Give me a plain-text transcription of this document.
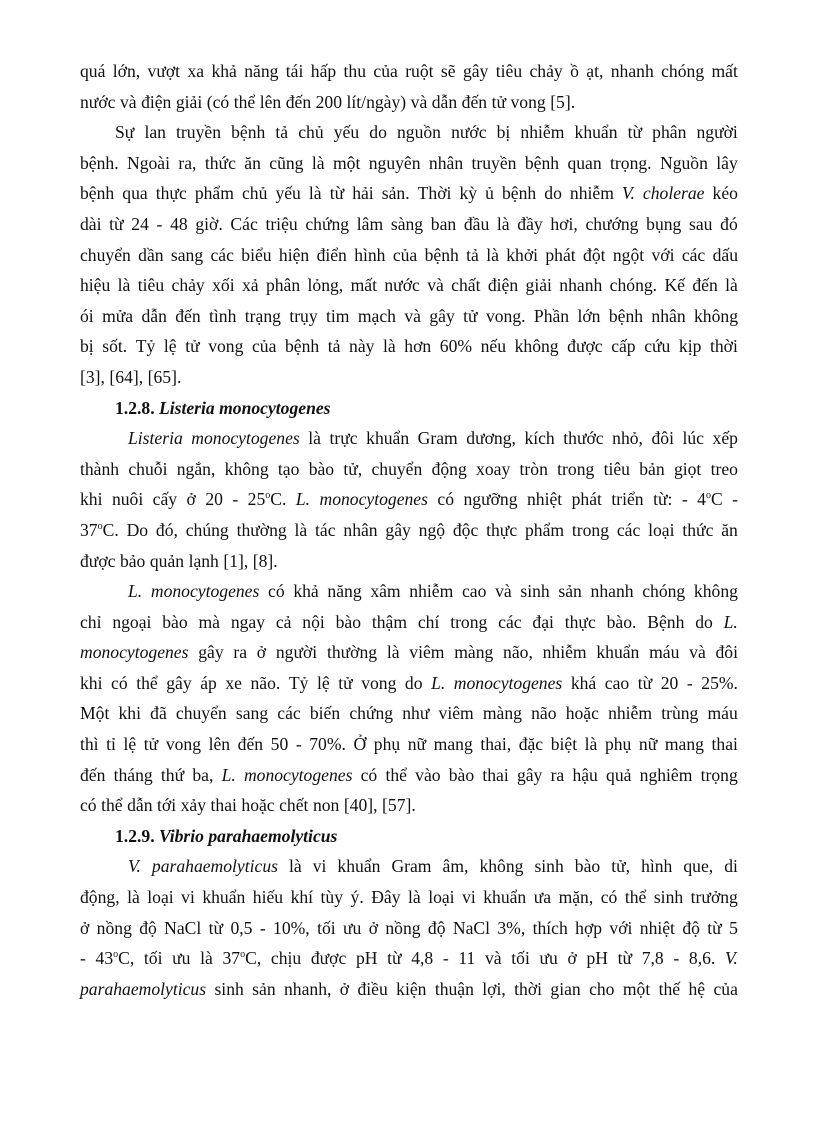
quá lớn, vượt xa khả năng tái hấp thu của ruột sẽ gây tiêu chảy ồ ạt, nhanh chóng mất
nước và điện giải (có thể lên đến 200 lít/ngày) và dẫn đến tử vong [5].
Sự lan truyền bệnh tả chủ yếu do nguồn nước bị nhiễm khuẩn từ phân người
bệnh. Ngoài ra, thức ăn cũng là một nguyên nhân truyền bệnh quan trọng. Nguồn lây
bệnh qua thực phẩm chủ yếu là từ hải sản. Thời kỳ ủ bệnh do nhiễm V. cholerae kéo
dài từ 24 - 48 giờ. Các triệu chứng lâm sàng ban đầu là đầy hơi, chướng bụng sau đó
chuyển dần sang các biểu hiện điển hình của bệnh tả là khởi phát đột ngột với các dấu
hiệu là tiêu chảy xối xả phân lỏng, mất nước và chất điện giải nhanh chóng. Kế đến là
ói mửa dẫn đến tình trạng trụy tim mạch và gây tử vong. Phần lớn bệnh nhân không
bị sốt. Tỷ lệ tử vong của bệnh tả này là hơn 60% nếu không được cấp cứu kịp thời
[3], [64], [65].
1.2.8. Listeria monocytogenes
Listeria monocytogenes là trực khuẩn Gram dương, kích thước nhỏ, đôi lúc xếp
thành chuỗi ngắn, không tạo bào tử, chuyển động xoay tròn trong tiêu bản giọt treo
khi nuôi cấy ở 20 - 25$^o$C. L. monocytogenes có ngưỡng nhiệt phát triển từ: - 4$^o$C -
37$^o$C. Do đó, chúng thường là tác nhân gây ngộ độc thực phẩm trong các loại thức ăn
được bảo quản lạnh [1], [8].
L. monocytogenes có khả năng xâm nhiễm cao và sinh sản nhanh chóng không
chỉ ngoại bào mà ngay cả nội bào thậm chí trong các đại thực bào. Bệnh do L.
monocytogenes gây ra ở người thường là viêm màng não, nhiễm khuẩn máu và đôi
khi có thể gây áp xe não. Tỷ lệ tử vong do L. monocytogenes khá cao từ 20 - 25%.
Một khi đã chuyển sang các biến chứng như viêm màng não hoặc nhiễm trùng máu
thì tỉ lệ tử vong lên đến 50 - 70%. Ở phụ nữ mang thai, đặc biệt là phụ nữ mang thai
đến tháng thứ ba, L. monocytogenes có thể vào bào thai gây ra hậu quả nghiêm trọng
có thể dẫn tới xảy thai hoặc chết non [40], [57].
1.2.9. Vibrio parahaemolyticus
V. parahaemolyticus là vi khuẩn Gram âm, không sinh bào tử, hình que, di
động, là loại vi khuẩn hiếu khí tùy ý. Đây là loại vi khuẩn ưa mặn, có thể sinh trưởng
ở nồng độ NaCl từ 0,5 - 10%, tối ưu ở nồng độ NaCl 3%, thích hợp với nhiệt độ từ 5
- 43$^o$C, tối ưu là 37$^o$C, chịu được pH từ 4,8 - 11 và tối ưu ở pH từ 7,8 - 8,6. V.
parahaemolyticus sinh sản nhanh, ở điều kiện thuận lợi, thời gian cho một thế hệ của
